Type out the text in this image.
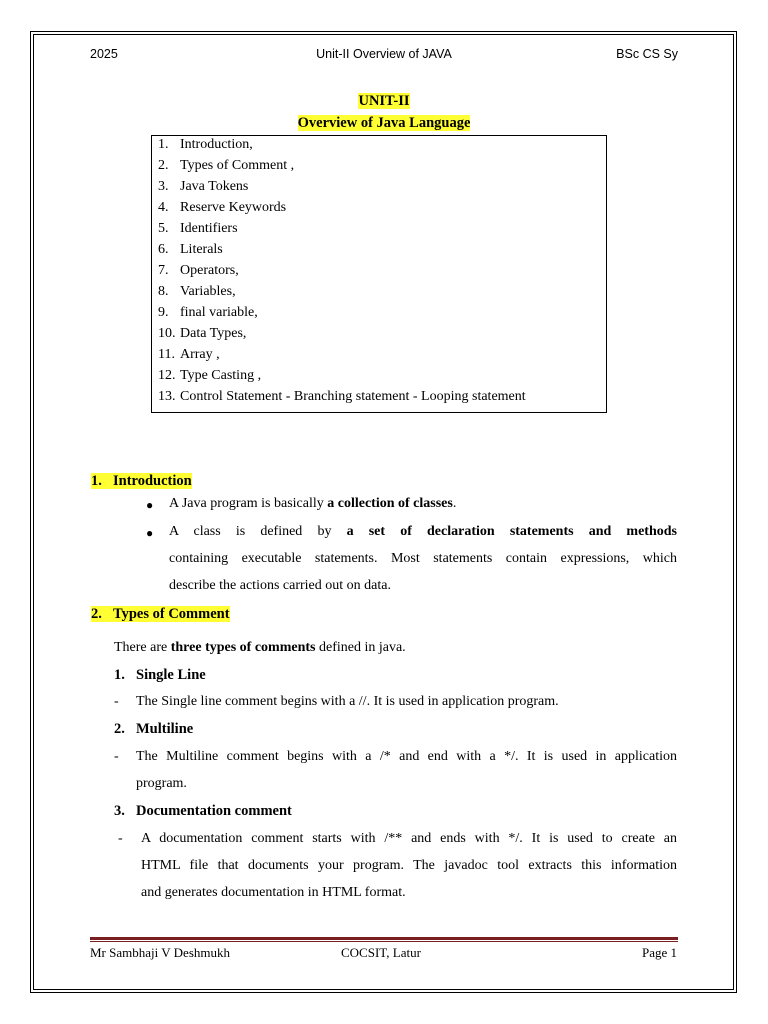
2025	Unit-II Overview of JAVA	BSc CS Sy
UNIT-II
Overview of Java Language
1. Introduction,
2. Types of Comment ,
3. Java Tokens
4. Reserve Keywords
5. Identifiers
6. Literals
7. Operators,
8. Variables,
9. final variable,
10. Data Types,
11. Array ,
12. Type Casting ,
13. Control Statement - Branching statement - Looping statement
1. Introduction
● A Java program is basically a collection of classes.
● A class is defined by a set of declaration statements and methods
containing executable statements. Most statements contain expressions, which
describe the actions carried out on data.
2. Types of Comment
There are three types of comments defined in java.
1. Single Line
- The Single line comment begins with a //. It is used in application program.
2. Multiline
- The Multiline comment begins with a /* and end with a */. It is used in application
program.
3. Documentation comment
- A documentation comment starts with /** and ends with */. It is used to create an
HTML file that documents your program. The javadoc tool extracts this information
and generates documentation in HTML format.
Mr Sambhaji V Deshmukh	COCSIT, Latur	Page 1
